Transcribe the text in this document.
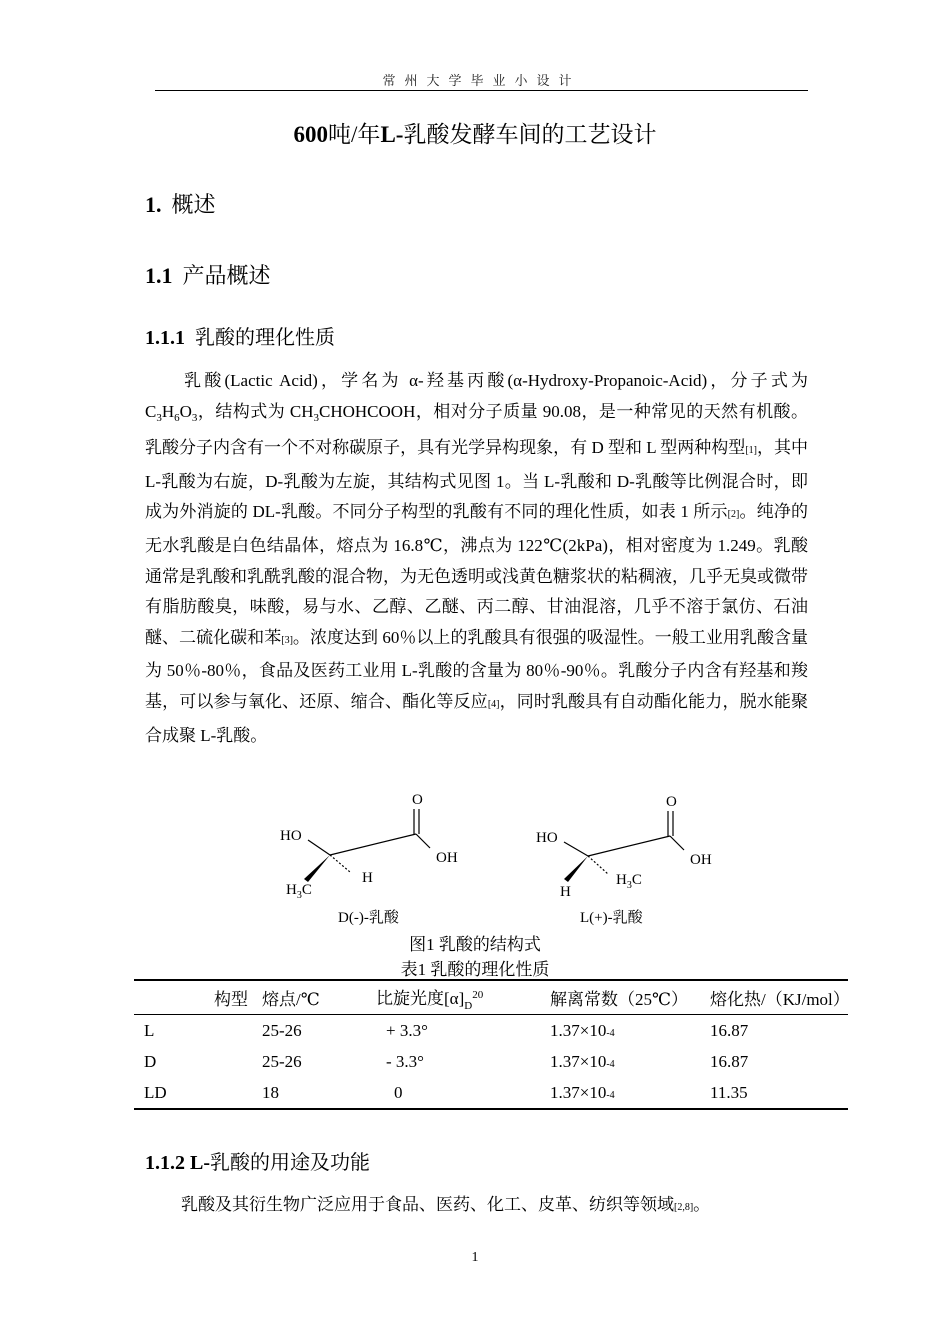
常州大学毕业小设计
600吨/年L-乳酸发酵车间的工艺设计
1. 概述
1.1 产品概述
1.1.1 乳酸的理化性质

乳酸(Lactic Acid)，学名为 α-羟基丙酸(α-Hydroxy-Propanoic-Acid)，分子式为 $C_3H_6O_3$，结构式为 $CH_3CHOHCOOH$，相对分子质量 90.08，是一种常见的天然有机酸。乳酸分子内含有一个不对称碳原子，具有光学异构现象，有 D 型和 L 型两种构型[1]，其中 L-乳酸为右旋，D-乳酸为左旋，其结构式见图 1。当 L-乳酸和 D-乳酸等比例混合时，即成为外消旋的 DL-乳酸。不同分子构型的乳酸有不同的理化性质，如表 1 所示[2]。纯净的无水乳酸是白色结晶体，熔点为 16.8℃，沸点为 122℃(2kPa)，相对密度为 1.249。乳酸通常是乳酸和乳酰乳酸的混合物，为无色透明或浅黄色糖浆状的粘稠液，几乎无臭或微带有脂肪酸臭，味酸，易与水、乙醇、乙醚、丙二醇、甘油混溶，几乎不溶于氯仿、石油醚、二硫化碳和苯[3]。浓度达到 60％以上的乳酸具有很强的吸湿性。一般工业用乳酸含量为 50％-80％，食品及医药工业用 L-乳酸的含量为 80％-90％。乳酸分子内含有羟基和羧基，可以参与氧化、还原、缩合、酯化等反应[4]，同时乳酸具有自动酯化能力，脱水能聚合成聚 L-乳酸。

O
OH
HO
H
$H_3C$
O
OH
HO
H
$H_3C$
D(-)-乳酸	L(+)-乳酸
图1 乳酸的结构式
表1 乳酸的理化性质
构型	熔点/℃	比旋光度$[\alpha]_D^{20}$	解离常数（25℃）	熔化热/（KJ/mol）
L	25-26	+ 3.3°	1.37×10-4	16.87
D	25-26	- 3.3°	1.37×10-4	16.87
LD	18	0	1.37×10-4	11.35
1.1.2 L-乳酸的用途及功能

乳酸及其衍生物广泛应用于食品、医药、化工、皮革、纺织等领域[2,8]。

1
